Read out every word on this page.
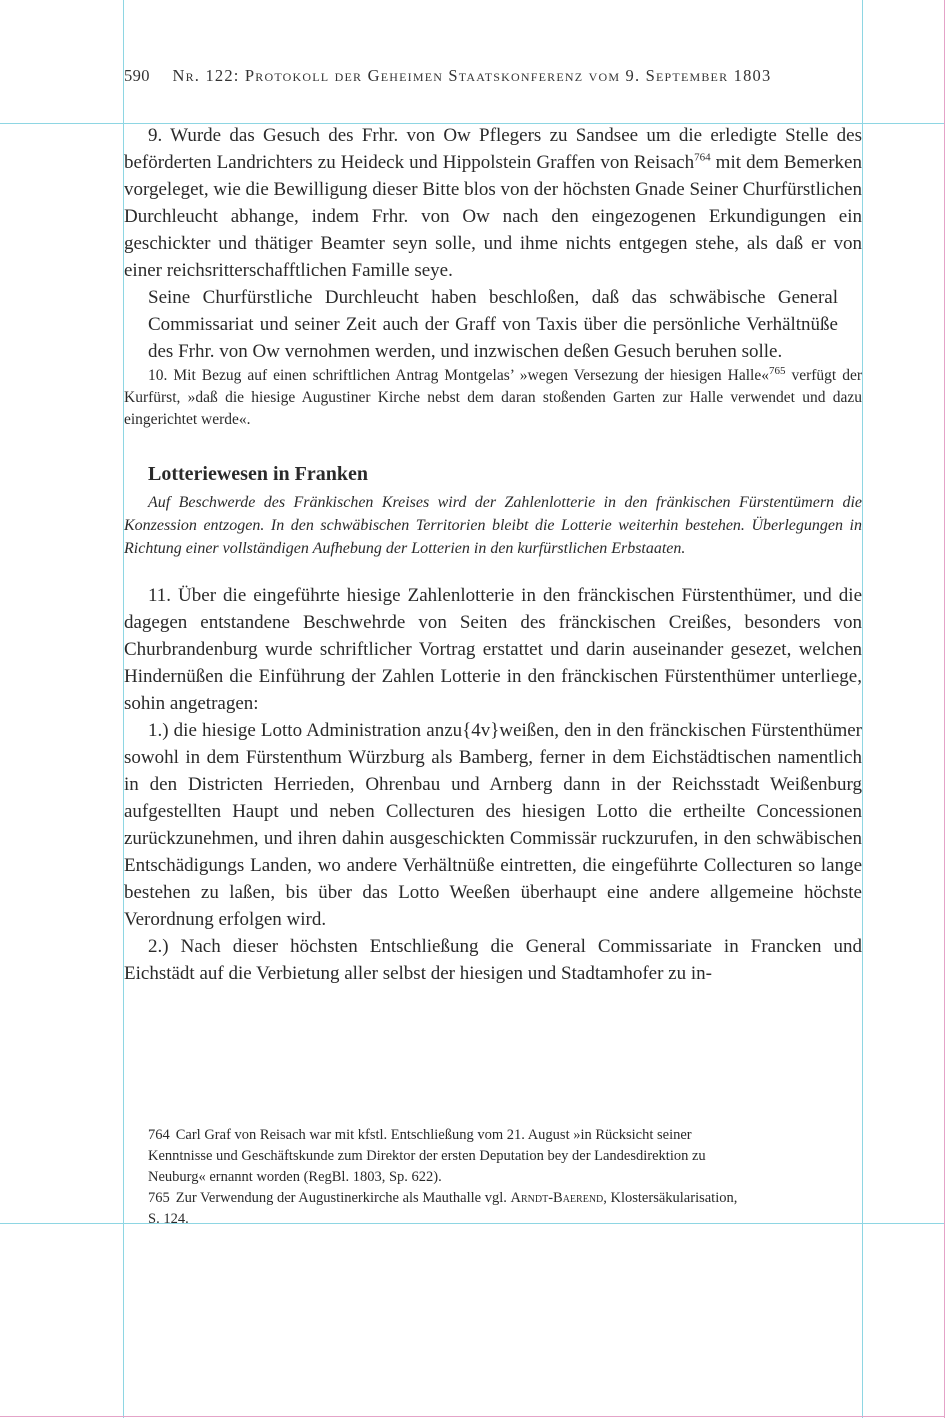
590 Nr. 122: Protokoll der Geheimen Staatskonferenz vom 9. September 1803

9. Wurde das Gesuch des Frhr. von Ow Pflegers zu Sandsee um die erledigte Stelle des beförderten Landrichters zu Heideck und Hippolstein Graffen von Reisach$^{764}$ mit dem Bemerken vorgeleget, wie die Bewilligung dieser Bitte blos von der höchsten Gnade Seiner Churfürstlichen Durchleucht abhange, indem Frhr. von Ow nach den eingezogenen Erkundigungen ein geschickter und thätiger Beamter seyn solle, und ihme nichts entgegen stehe, als daß er von einer reichsritterschafftlichen Famille seye.

Seine Churfürstliche Durchleucht haben beschloßen, daß das schwäbische General Commissariat und seiner Zeit auch der Graff von Taxis über die persönliche Verhältnüße des Frhr. von Ow vernohmen werden, und inzwischen deßen Gesuch beruhen solle.

10. Mit Bezug auf einen schriftlichen Antrag Montgelas’ »wegen Versezung der hiesigen Halle«$^{765}$ verfügt der Kurfürst, »daß die hiesige Augustiner Kirche nebst dem daran stoßenden Garten zur Halle verwendet und dazu eingerichtet werde«.

Lotteriewesen in Franken

Auf Beschwerde des Fränkischen Kreises wird der Zahlenlotterie in den fränkischen Fürstentümern die Konzession entzogen. In den schwäbischen Territorien bleibt die Lotterie weiterhin bestehen. Überlegungen in Richtung einer vollständigen Aufhebung der Lotterien in den kurfürstlichen Erbstaaten.

11. Über die eingeführte hiesige Zahlenlotterie in den fränckischen Fürstenthümer, und die dagegen entstandene Beschwehrde von Seiten des fränckischen Creißes, besonders von Churbrandenburg wurde schriftlicher Vortrag erstattet und darin auseinander gesezet, welchen Hindernüßen die Einführung der Zahlen Lotterie in den fränckischen Fürstenthümer unterliege, sohin angetragen:

1.) die hiesige Lotto Administration anzu{4v}weißen, den in den fränckischen Fürstenthümer sowohl in dem Fürstenthum Würzburg als Bamberg, ferner in dem Eichstädtischen namentlich in den Districten Herrieden, Ohrenbau und Arnberg dann in der Reichsstadt Weißenburg aufgestellten Haupt und neben Collecturen des hiesigen Lotto die ertheilte Concessionen zurückzunehmen, und ihren dahin ausgeschickten Commissär ruckzurufen, in den schwäbischen Entschädigungs Landen, wo andere Verhältnüße eintretten, die eingeführte Collecturen so lange bestehen zu laßen, bis über das Lotto Weeßen überhaupt eine andere allgemeine höchste Verordnung erfolgen wird.

2.) Nach dieser höchsten Entschließung die General Commissariate in Francken und Eichstädt auf die Verbietung aller selbst der hiesigen und Stadtamhofer zu in-

764 Carl Graf von Reisach war mit kfstl. Entschließung vom 21. August »in Rücksicht seiner Kenntnisse und Geschäftskunde zum Direktor der ersten Deputation bey der Landesdirektion zu Neuburg« ernannt worden (RegBl. 1803, Sp. 622).

765 Zur Verwendung der Augustinerkirche als Mauthalle vgl. Arndt-Baerend, Klostersäkularisation, S. 124.
